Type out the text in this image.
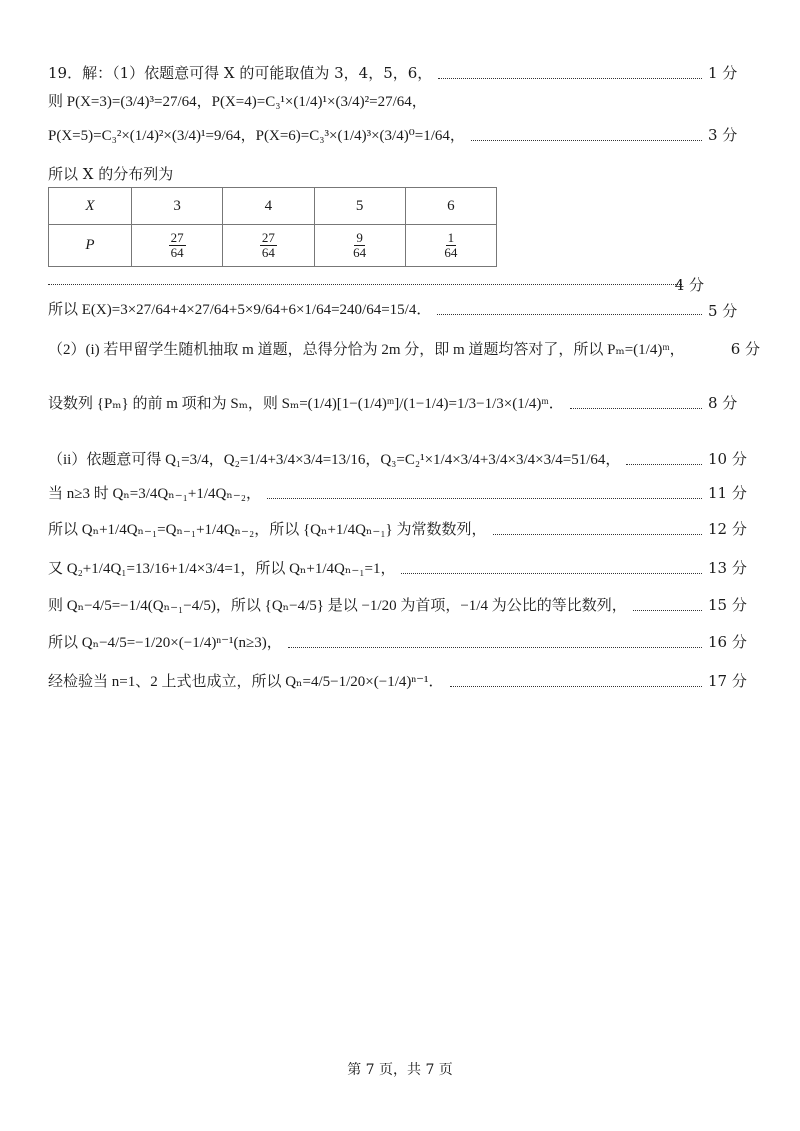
19．解：（1）依题意可得 X 的可能取值为 3，4，5，6，	1 分
则 P(X=3)=(3/4)³=27/64，P(X=4)=C₃¹×(1/4)¹×(3/4)²=27/64，
P(X=5)=C₃²×(1/4)²×(3/4)¹=9/64，P(X=6)=C₃³×(1/4)³×(3/4)⁰=1/64，	3 分
所以 X 的分布列为
X	3	4	5	6
P	$\frac{27}{64}$	$\frac{27}{64}$	$\frac{9}{64}$	$\frac{1}{64}$
4 分
所以 E(X)=3×27/64+4×27/64+5×9/64+6×1/64=240/64=15/4．	5 分
（2）(i) 若甲留学生随机抽取 m 道题，总得分恰为 2m 分，即 m 道题均答对了，所以 Pₘ=(1/4)ᵐ，	6 分
设数列 {Pₘ} 的前 m 项和为 Sₘ，则 Sₘ=(1/4)[1−(1/4)ᵐ]/(1−1/4)=1/3−1/3×(1/4)ᵐ．	8 分
（ii）依题意可得 Q₁=3/4，Q₂=1/4+3/4×3/4=13/16，Q₃=C₂¹×1/4×3/4+3/4×3/4×3/4=51/64，	10 分
当 n≥3 时 Qₙ=3/4Qₙ₋₁+1/4Qₙ₋₂，	11 分
所以 Qₙ+1/4Qₙ₋₁=Qₙ₋₁+1/4Qₙ₋₂，所以 {Qₙ+1/4Qₙ₋₁} 为常数数列，	12 分
又 Q₂+1/4Q₁=13/16+1/4×3/4=1，所以 Qₙ+1/4Qₙ₋₁=1，	13 分
则 Qₙ−4/5=−1/4(Qₙ₋₁−4/5)，所以 {Qₙ−4/5} 是以 −1/20 为首项，−1/4 为公比的等比数列，	15 分
所以 Qₙ−4/5=−1/20×(−1/4)ⁿ⁻¹(n≥3)，	16 分
经检验当 n=1、2 上式也成立，所以 Qₙ=4/5−1/20×(−1/4)ⁿ⁻¹．	17 分
第 7 页，共 7 页
